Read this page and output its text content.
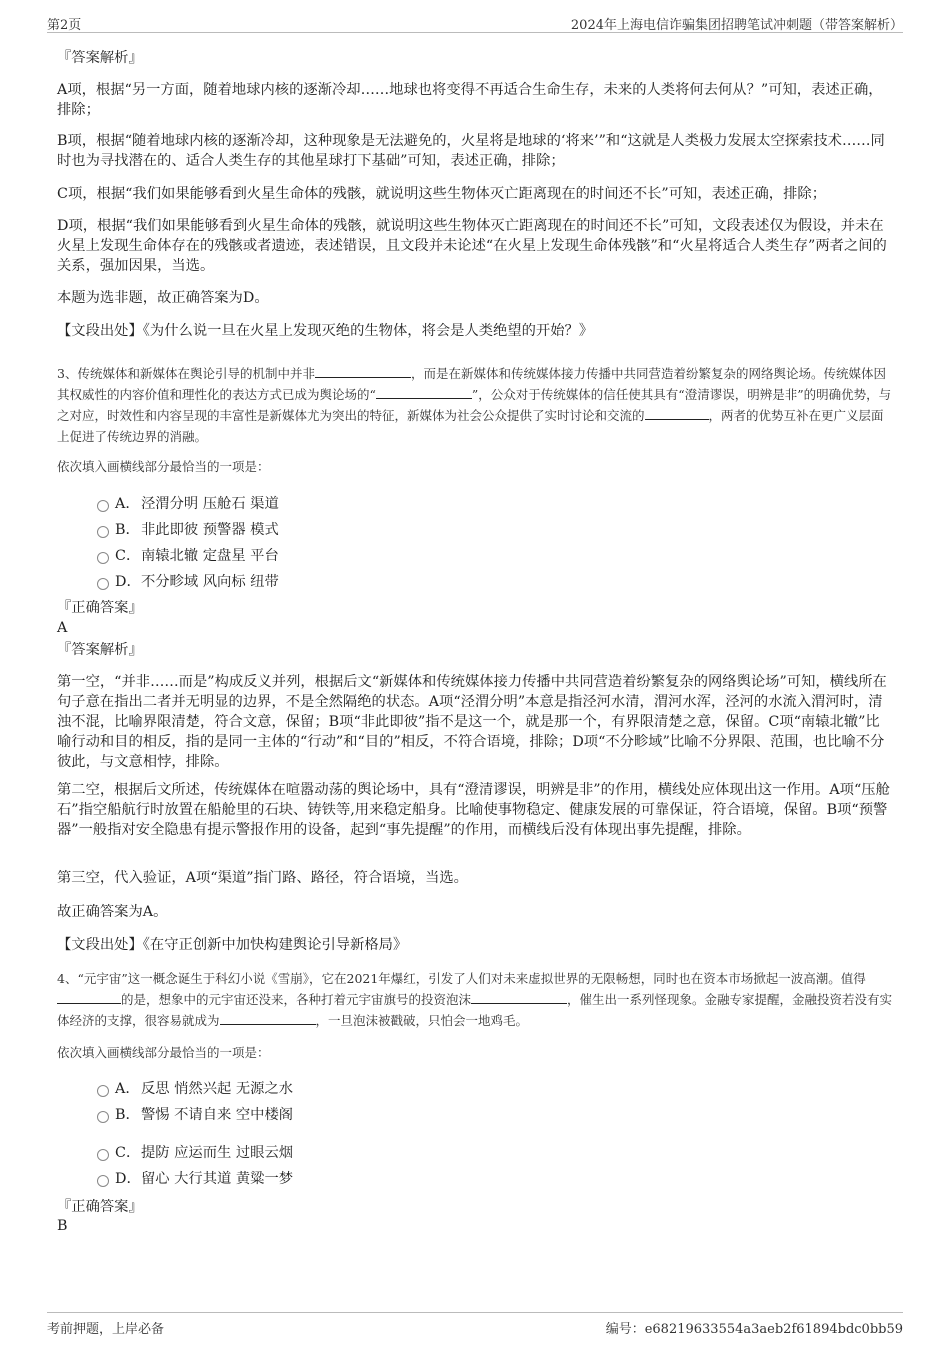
第2页	2024年上海电信诈骗集团招聘笔试冲刺题（带答案解析）
『答案解析』

A项，根据“另一方面，随着地球内核的逐渐冷却……地球也将变得不再适合生命生存，未来的人类将何去何从？”可知，表述正确，排除；

B项，根据“随着地球内核的逐渐冷却，这种现象是无法避免的，火星将是地球的‘将来’”和“这就是人类极力发展太空探索技术……同时也为寻找潜在的、适合人类生存的其他星球打下基础”可知，表述正确，排除；

C项，根据“我们如果能够看到火星生命体的残骸，就说明这些生物体灭亡距离现在的时间还不长”可知，表述正确，排除；

D项，根据“我们如果能够看到火星生命体的残骸，就说明这些生物体灭亡距离现在的时间还不长”可知，文段表述仅为假设，并未在火星上发现生命体存在的残骸或者遗迹，表述错误，且文段并未论述“在火星上发现生命体残骸”和“火星将适合人类生存”两者之间的关系，强加因果，当选。

本题为选非题，故正确答案为D。

【文段出处】《为什么说一旦在火星上发现灭绝的生物体，将会是人类绝望的开始？》

3、传统媒体和新媒体在舆论引导的机制中并非	，而是在新媒体和传统媒体接力传播中共同营造着纷繁复杂的网络舆论场。传统媒体因其权威性的内容价值和理性化的表达方式已成为舆论场的“	”，公众对于传统媒体的信任使其具有“澄清谬误，明辨是非”的明确优势，与之对应，时效性和内容呈现的丰富性是新媒体尤为突出的特征，新媒体为社会公众提供了实时讨论和交流的	，两者的优势互补在更广义层面上促进了传统边界的消融。
依次填入画横线部分最恰当的一项是：
A．泾渭分明 压舱石 渠道
B．非此即彼 预警器 模式
C．南辕北辙 定盘星 平台
D．不分畛域 风向标 纽带
『正确答案』
A
『答案解析』

第一空，“并非……而是”构成反义并列，根据后文“新媒体和传统媒体接力传播中共同营造着纷繁复杂的网络舆论场”可知，横线所在句子意在指出二者并无明显的边界，不是全然隔绝的状态。A项“泾渭分明”本意是指泾河水清，渭河水浑，泾河的水流入渭河时，清浊不混，比喻界限清楚，符合文意，保留；B项“非此即彼”指不是这一个，就是那一个，有界限清楚之意，保留。C项“南辕北辙”比喻行动和目的相反，指的是同一主体的“行动”和“目的”相反，不符合语境，排除；D项“不分畛域”比喻不分界限、范围，也比喻不分彼此，与文意相悖，排除。

第二空，根据后文所述，传统媒体在喧嚣动荡的舆论场中，具有“澄清谬误，明辨是非”的作用，横线处应体现出这一作用。A项“压舱石”指空船航行时放置在船舱里的石块、铸铁等,用来稳定船身。比喻使事物稳定、健康发展的可靠保证，符合语境，保留。B项“预警器”一般指对安全隐患有提示警报作用的设备，起到“事先提醒”的作用，而横线后没有体现出事先提醒，排除。

第三空，代入验证，A项“渠道”指门路、路径，符合语境，当选。

故正确答案为A。

【文段出处】《在守正创新中加快构建舆论引导新格局》

4、“元宇宙”这一概念诞生于科幻小说《雪崩》，它在2021年爆红，引发了人们对未来虚拟世界的无限畅想，同时也在资本市场掀起一波高潮。值得的是，想象中的元宇宙还没来，各种打着元宇宙旗号的投资泡沫	，催生出一系列怪现象。金融专家提醒，金融投资若没有实体经济的支撑，很容易就成为	，一旦泡沫被戳破，只怕会一地鸡毛。
依次填入画横线部分最恰当的一项是：
A．反思 悄然兴起 无源之水
B．警惕 不请自来 空中楼阁
C．提防 应运而生 过眼云烟
D．留心 大行其道 黄粱一梦
『正确答案』
B
考前押题，上岸必备	编号：e68219633554a3aeb2f61894bdc0bb59
